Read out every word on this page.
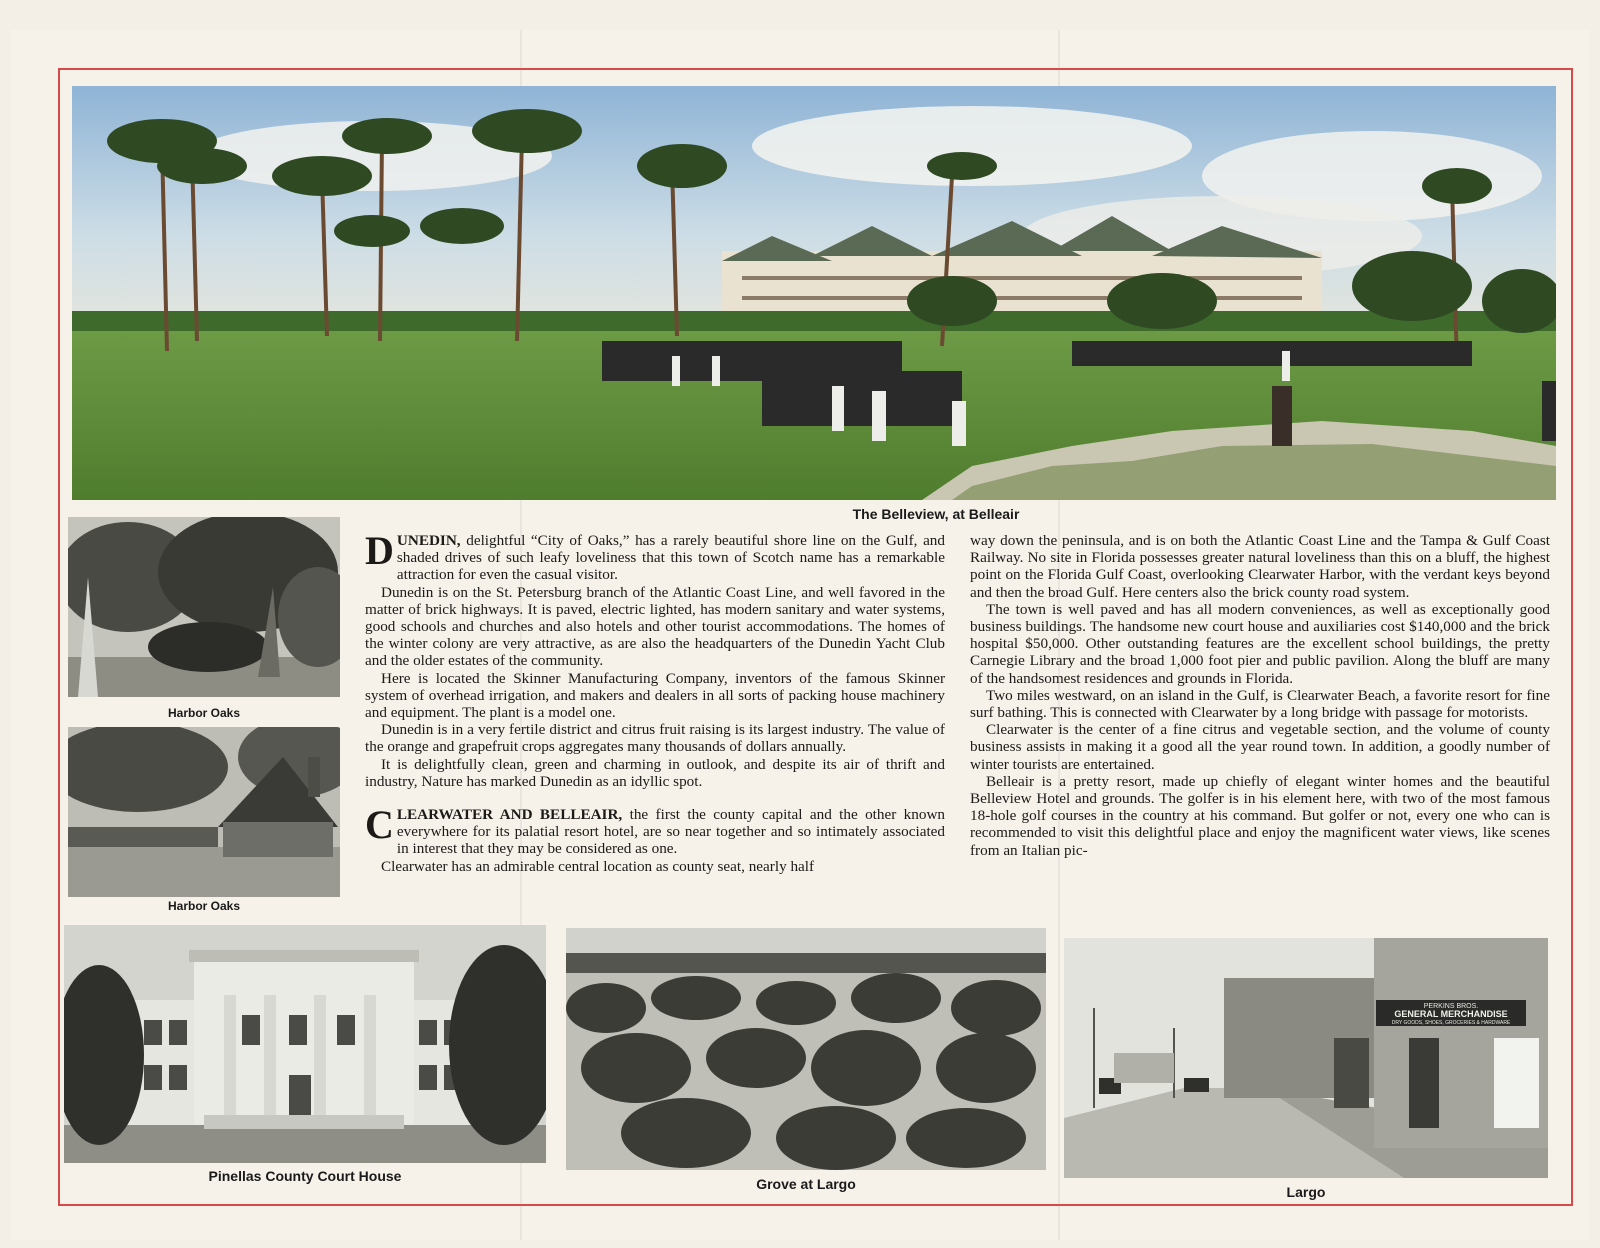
The Belleview, at Belleair
Harbor Oaks
Harbor Oaks

D UNEDIN, delightful “City of Oaks,” has a rarely beautiful shore line on the Gulf, and shaded drives of such leafy loveliness that this town of Scotch name has a remarkable attraction for even the casual visitor.

Dunedin is on the St. Petersburg branch of the Atlantic Coast Line, and well favored in the matter of brick highways. It is paved, electric lighted, has modern sanitary and water systems, good schools and churches and also hotels and other tourist accommodations. The homes of the winter colony are very attractive, as are also the headquarters of the Dunedin Yacht Club and the older estates of the community.

Here is located the Skinner Manufacturing Company, inventors of the famous Skinner system of overhead irrigation, and makers and dealers in all sorts of packing house machinery and equipment. The plant is a model one.

Dunedin is in a very fertile district and citrus fruit raising is its largest industry. The value of the orange and grapefruit crops aggregates many thousands of dollars annually.

It is delightfully clean, green and charming in outlook, and despite its air of thrift and industry, Nature has marked Dunedin as an idyllic spot.

C LEARWATER AND BELLEAIR, the first the county capital and the other known everywhere for its palatial resort hotel, are so near together and so intimately associated in interest that they may be considered as one.

Clearwater has an admirable central location as county seat, nearly half

way down the peninsula, and is on both the Atlantic Coast Line and the Tampa & Gulf Coast Railway. No site in Florida possesses greater natural loveliness than this on a bluff, the highest point on the Florida Gulf Coast, overlooking Clearwater Harbor, with the verdant keys beyond and then the broad Gulf. Here centers also the brick county road system.

The town is well paved and has all modern conveniences, as well as exceptionally good business buildings. The handsome new court house and auxiliaries cost $140,000 and the brick hospital $50,000. Other outstanding features are the excellent school buildings, the pretty Carnegie Library and the broad 1,000 foot pier and public pavilion. Along the bluff are many of the handsomest residences and grounds in Florida.

Two miles westward, on an island in the Gulf, is Clearwater Beach, a favorite resort for fine surf bathing. This is connected with Clearwater by a long bridge with passage for motorists.

Clearwater is the center of a fine citrus and vegetable section, and the volume of county business assists in making it a good all the year round town. In addition, a goodly number of winter tourists are entertained.

Belleair is a pretty resort, made up chiefly of elegant winter homes and the beautiful Belleview Hotel and grounds. The golfer is in his element here, with two of the most famous 18-hole golf courses in the country at his command. But golfer or not, every one who can is recommended to visit this delightful place and enjoy the magnificent water views, like scenes from an Italian pic-

Pinellas County Court House	Grove at Largo
PERKINS BROS.
GENERAL MERCHANDISE
DRY GOODS, SHOES, GROCERIES & HARDWARE
Largo
